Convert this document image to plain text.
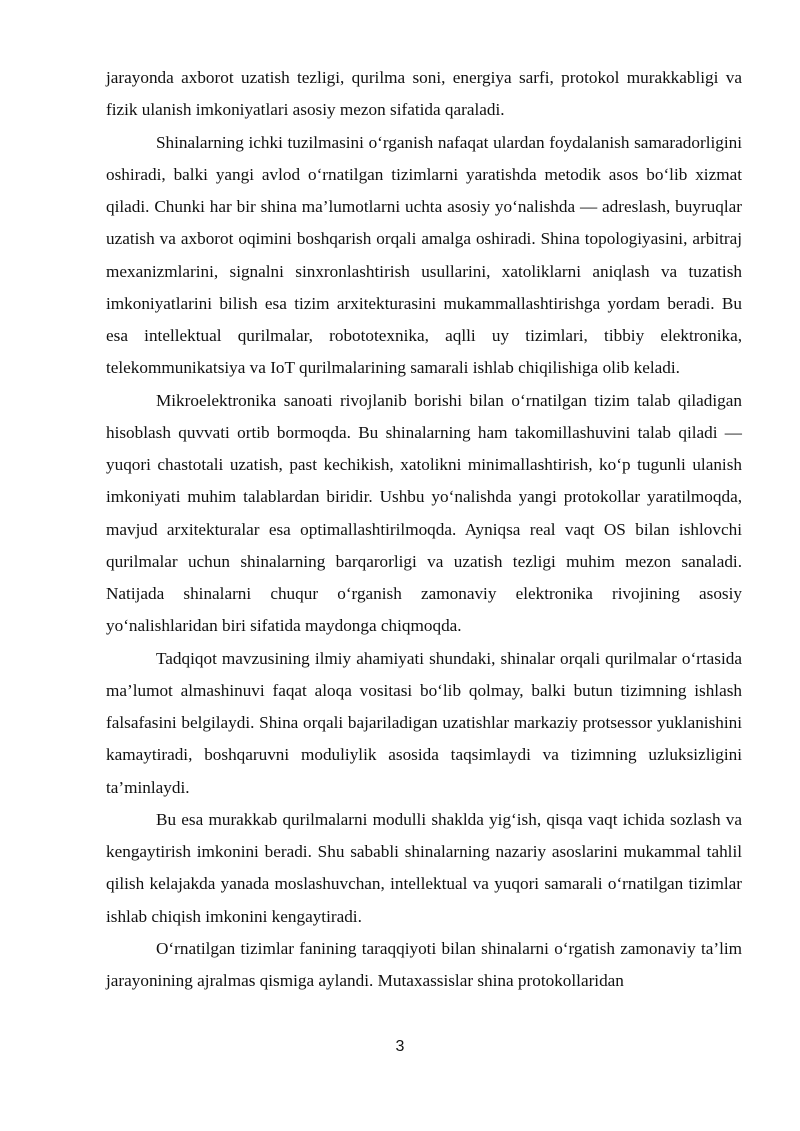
jarayonda axborot uzatish tezligi, qurilma soni, energiya sarfi, protokol murakkabligi va fizik ulanish imkoniyatlari asosiy mezon sifatida qaraladi.

Shinalarning ichki tuzilmasini o‘rganish nafaqat ulardan foydalanish samaradorligini oshiradi, balki yangi avlod o‘rnatilgan tizimlarni yaratishda metodik asos bo‘lib xizmat qiladi. Chunki har bir shina ma’lumotlarni uchta asosiy yo‘nalishda — adreslash, buyruqlar uzatish va axborot oqimini boshqarish orqali amalga oshiradi. Shina topologiyasini, arbitraj mexanizmlarini, signalni sinxronlashtirish usullarini, xatoliklarni aniqlash va tuzatish imkoniyatlarini bilish esa tizim arxitekturasini mukammallashtirishga yordam beradi. Bu esa intellektual qurilmalar, robototexnika, aqlli uy tizimlari, tibbiy elektronika, telekommunikatsiya va IoT qurilmalarining samarali ishlab chiqilishiga olib keladi.

Mikroelektronika sanoati rivojlanib borishi bilan o‘rnatilgan tizim talab qiladigan hisoblash quvvati ortib bormoqda. Bu shinalarning ham takomillashuvini talab qiladi — yuqori chastotali uzatish, past kechikish, xatolikni minimallashtirish, ko‘p tugunli ulanish imkoniyati muhim talablardan biridir. Ushbu yo‘nalishda yangi protokollar yaratilmoqda, mavjud arxitekturalar esa optimallashtirilmoqda. Ayniqsa real vaqt OS bilan ishlovchi qurilmalar uchun shinalarning barqarorligi va uzatish tezligi muhim mezon sanaladi. Natijada shinalarni chuqur o‘rganish zamonaviy elektronika rivojining asosiy yo‘nalishlaridan biri sifatida maydonga chiqmoqda.

Tadqiqot mavzusining ilmiy ahamiyati shundaki, shinalar orqali qurilmalar o‘rtasida ma’lumot almashinuvi faqat aloqa vositasi bo‘lib qolmay, balki butun tizimning ishlash falsafasini belgilaydi. Shina orqali bajariladigan uzatishlar markaziy protsessor yuklanishini kamaytiradi, boshqaruvni moduliylik asosida taqsimlaydi va tizimning uzluksizligini ta’minlaydi.

Bu esa murakkab qurilmalarni modulli shaklda yig‘ish, qisqa vaqt ichida sozlash va kengaytirish imkonini beradi. Shu sababli shinalarning nazariy asoslarini mukammal tahlil qilish kelajakda yanada moslashuvchan, intellektual va yuqori samarali o‘rnatilgan tizimlar ishlab chiqish imkonini kengaytiradi.

O‘rnatilgan tizimlar fanining taraqqiyoti bilan shinalarni o‘rgatish zamonaviy ta’lim jarayonining ajralmas qismiga aylandi. Mutaxassislar shina protokollaridan

3
